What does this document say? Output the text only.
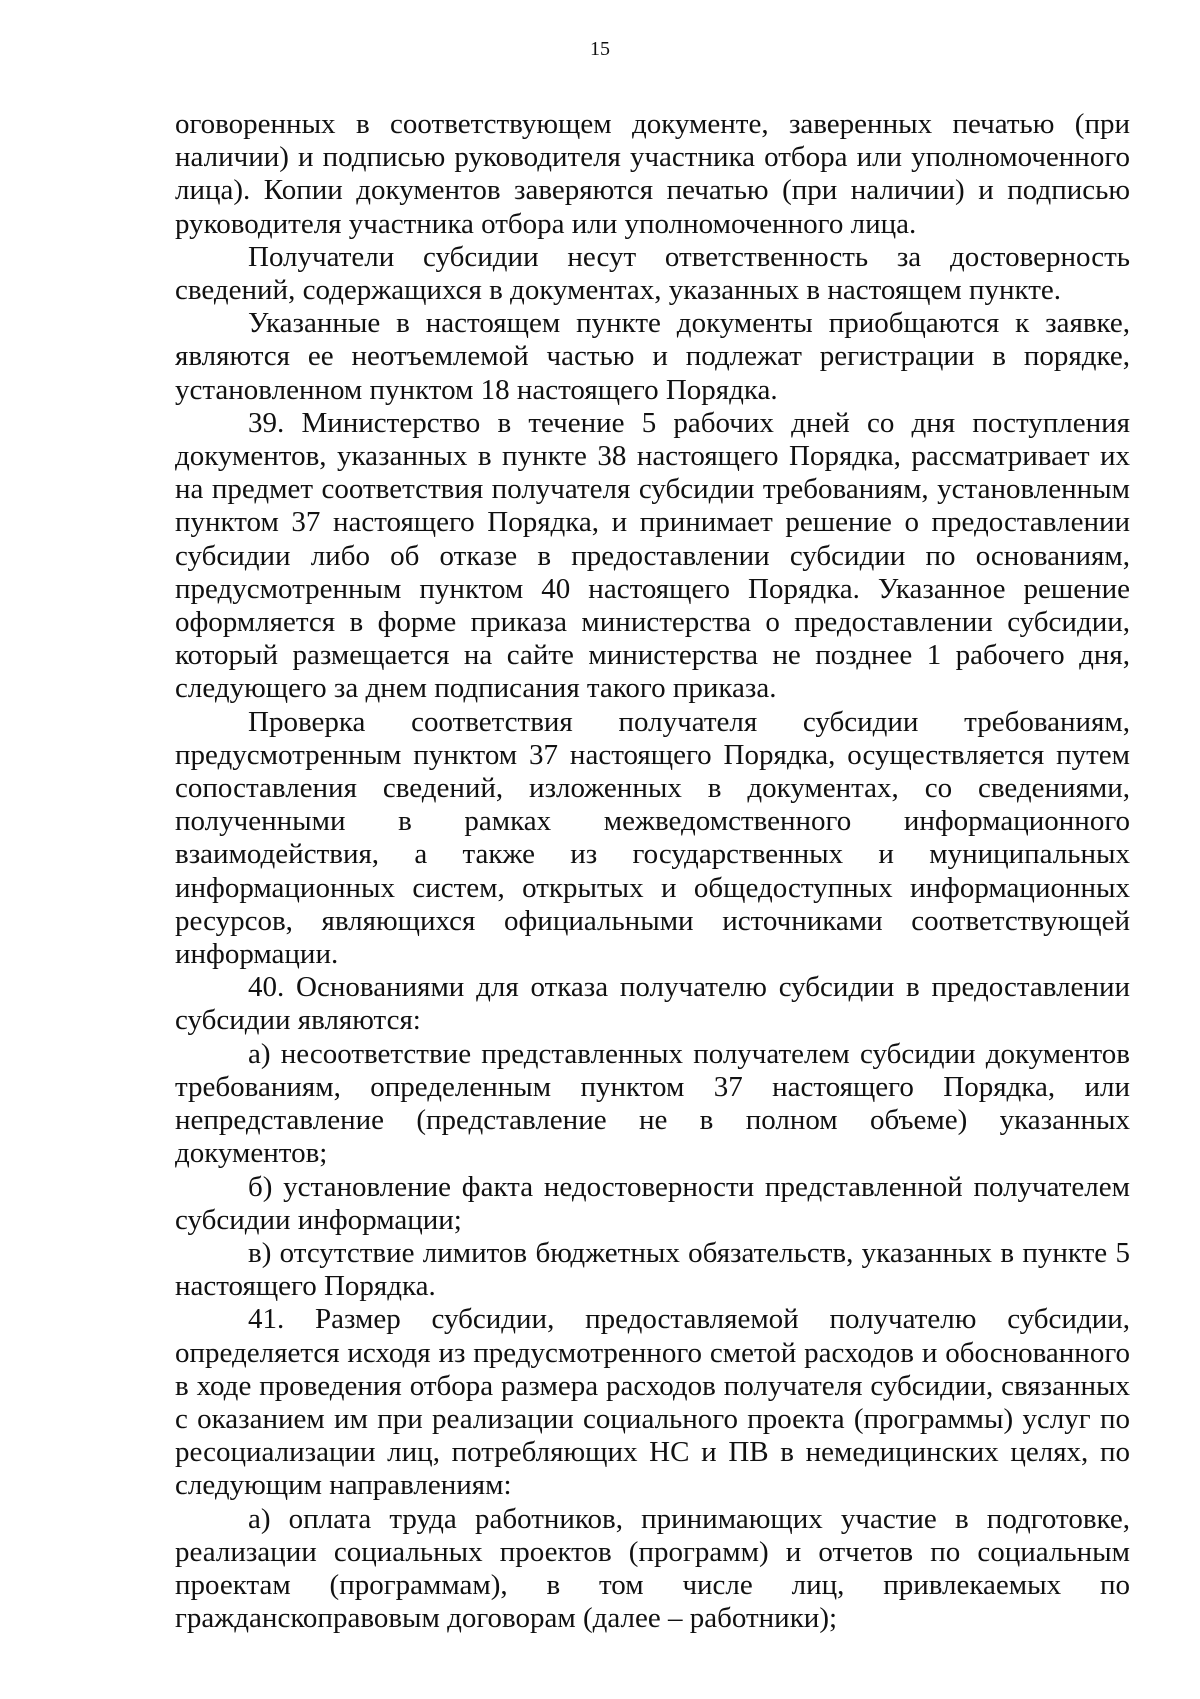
15

оговоренных в соответствующем документе, заверенных печатью (при наличии) и подписью руководителя участника отбора или уполномоченного лица). Копии документов заверяются печатью (при наличии) и подписью руководителя участника отбора или уполномоченного лица.

Получатели субсидии несут ответственность за достоверность сведений, содержащихся в документах, указанных в настоящем пункте.

Указанные в настоящем пункте документы приобщаются к заявке, являются ее неотъемлемой частью и подлежат регистрации в порядке, установленном пунктом 18 настоящего Порядка.

39. Министерство в течение 5 рабочих дней со дня поступления документов, указанных в пункте 38 настоящего Порядка, рассматривает их на предмет соответствия получателя субсидии требованиям, установленным пунктом 37 настоящего Порядка, и принимает решение о предоставлении субсидии либо об отказе в предоставлении субсидии по основаниям, предусмотренным пунктом 40 настоящего Порядка. Указанное решение оформляется в форме приказа министерства о предоставлении субсидии, который размещается на сайте министерства не позднее 1 рабочего дня, следующего за днем подписания такого приказа.

Проверка соответствия получателя субсидии требованиям, предусмотренным пунктом 37 настоящего Порядка, осуществляется путем сопоставления сведений, изложенных в документах, со сведениями, полученными в рамках межведомственного информационного взаимодействия, а также из государственных и муниципальных информационных систем, открытых и общедоступных информационных ресурсов, являющихся официальными источниками соответствующей информации.

40. Основаниями для отказа получателю субсидии в предоставлении субсидии являются:

а) несоответствие представленных получателем субсидии документов требованиям, определенным пунктом 37 настоящего Порядка, или непредставление (представление не в полном объеме) указанных документов;

б) установление факта недостоверности представленной получателем субсидии информации;

в) отсутствие лимитов бюджетных обязательств, указанных в пункте 5 настоящего Порядка.

41. Размер субсидии, предоставляемой получателю субсидии, определяется исходя из предусмотренного сметой расходов и обоснованного в ходе проведения отбора размера расходов получателя субсидии, связанных с оказанием им при реализации социального проекта (программы) услуг по ресоциализации лиц, потребляющих НС и ПВ в немедицинских целях, по следующим направлениям:

а) оплата труда работников, принимающих участие в подготовке, реализации социальных проектов (программ) и отчетов по социальным проектам (программам), в том числе лиц, привлекаемых по гражданскоправовым договорам (далее – работники);
